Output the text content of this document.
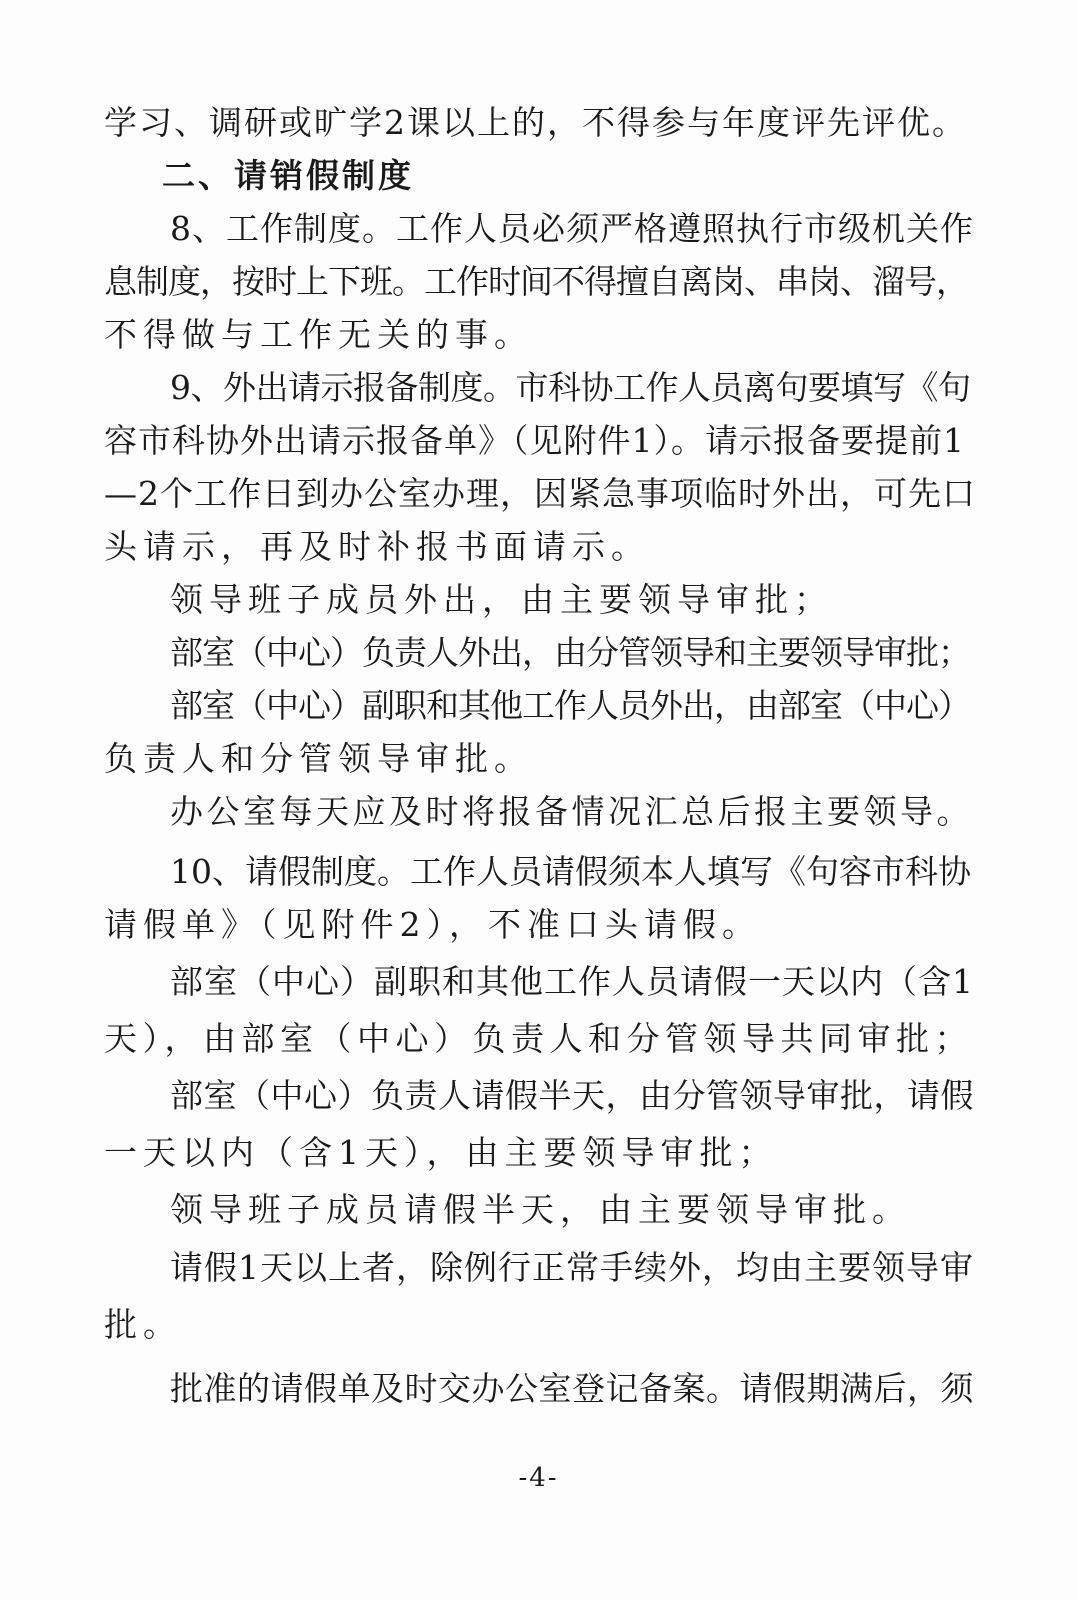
学习、调研或旷学2课以上的，不得参与年度评先评优。
二、请销假制度
8、工作制度。工作人员必须严格遵照执行市级机关作
息制度，按时上下班。工作时间不得擅自离岗、串岗、溜号，
不得做与工作无关的事。
9、外出请示报备制度。市科协工作人员离句要填写《句
容市科协外出请示报备单》（见附件1）。请示报备要提前1
—2个工作日到办公室办理，因紧急事项临时外出，可先口
头请示，再及时补报书面请示。
领导班子成员外出，由主要领导审批；
部室（中心）负责人外出，由分管领导和主要领导审批；
部室（中心）副职和其他工作人员外出，由部室（中心）
负责人和分管领导审批。
办公室每天应及时将报备情况汇总后报主要领导。
10、请假制度。工作人员请假须本人填写《句容市科协
请假单》（见附件2），不准口头请假。
部室（中心）副职和其他工作人员请假一天以内（含1
天），由部室（中心）负责人和分管领导共同审批；
部室（中心）负责人请假半天，由分管领导审批，请假
一天以内（含1天），由主要领导审批；
领导班子成员请假半天，由主要领导审批。
请假1天以上者，除例行正常手续外，均由主要领导审
批。
批准的请假单及时交办公室登记备案。请假期满后，须
-4-
